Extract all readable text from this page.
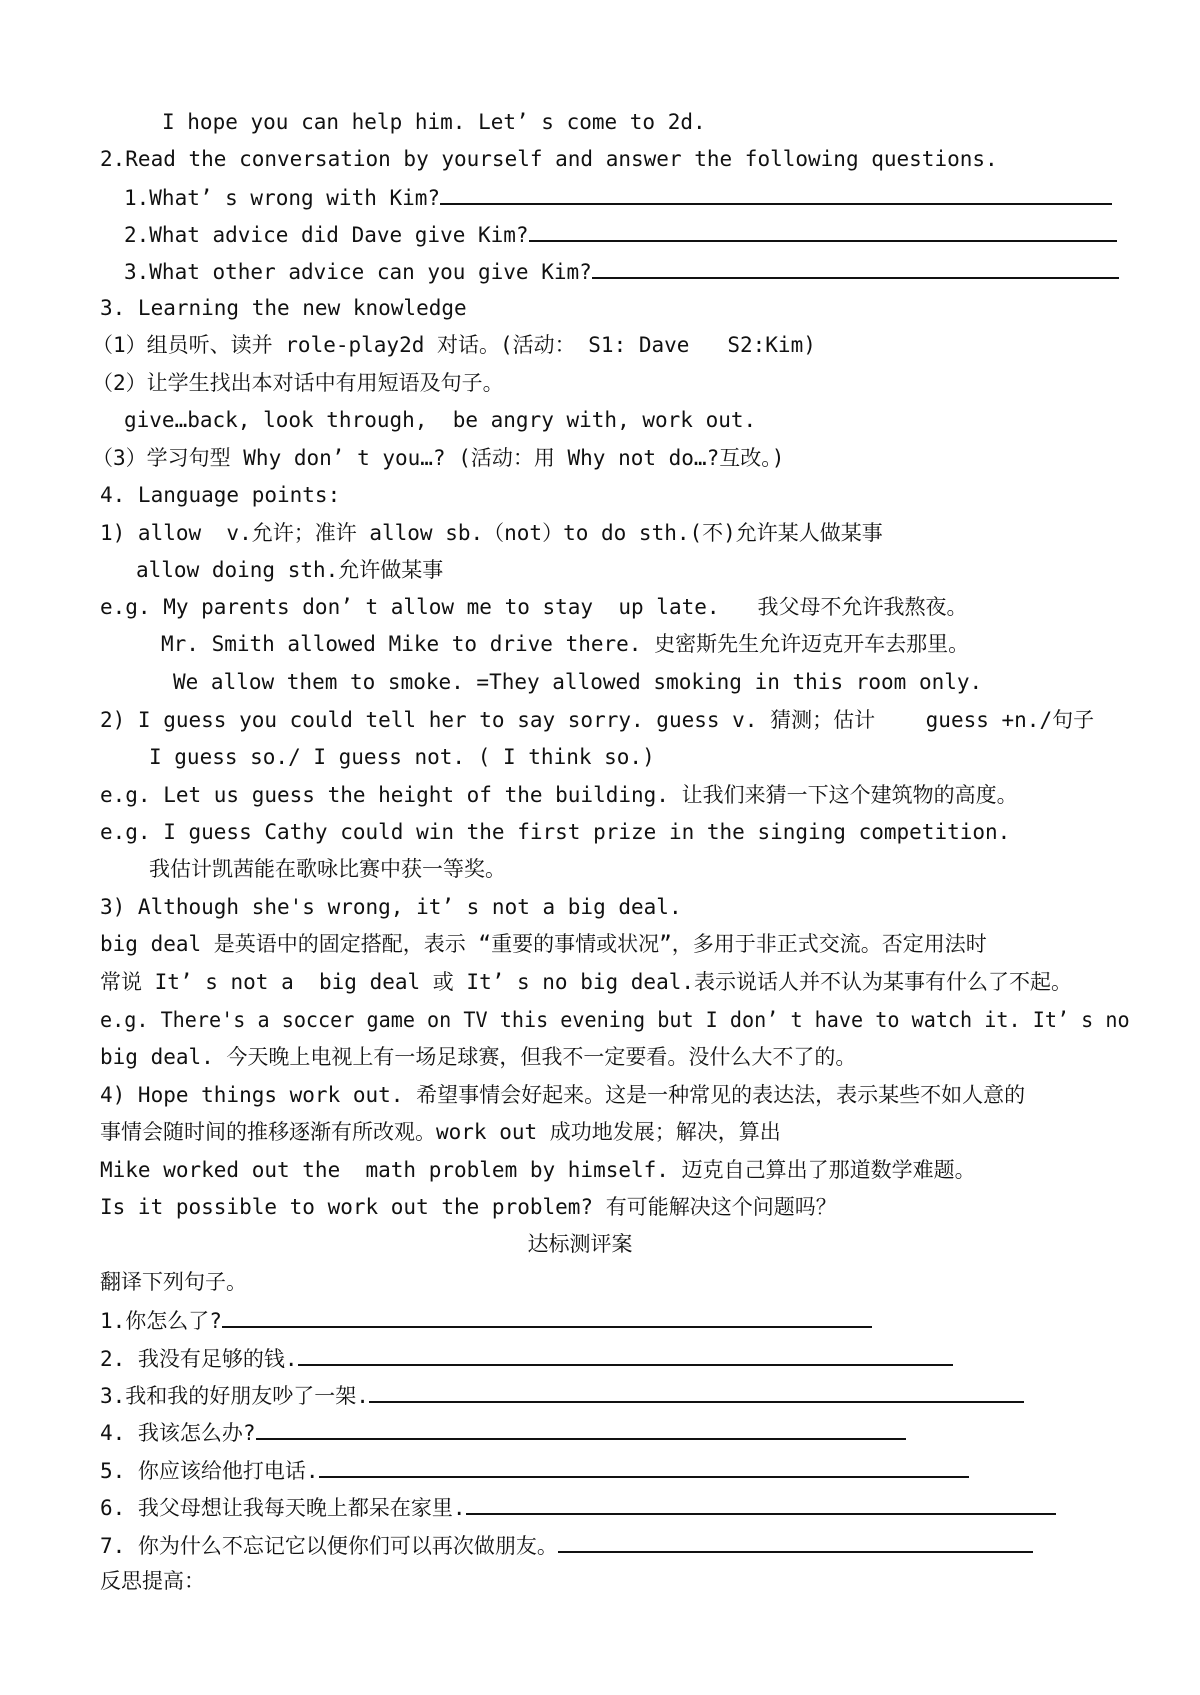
I hope you can help him. Let’ s come to 2d.
2.Read the conversation by yourself and answer the following questions.
1.What’ s wrong with Kim?
2.What advice did Dave give Kim?
3.What other advice can you give Kim?
3. Learning the new knowledge
（1）组员听、读并 role-play2d 对话。(活动： S1: Dave   S2:Kim)
（2）让学生找出本对话中有用短语及句子。
give…back, look through,  be angry with, work out.
（3）学习句型 Why don’ t you…? (活动：用 Why not do…?互改。)
4. Language points:
1) allow  v.允许；准许 allow sb.（not）to do sth.(不)允许某人做某事
allow doing sth.允许做某事
e.g. My parents don’ t allow me to stay  up late.   我父母不允许我熬夜。
Mr. Smith allowed Mike to drive there. 史密斯先生允许迈克开车去那里。
We allow them to smoke. =They allowed smoking in this room only.
2) I guess you could tell her to say sorry. guess v. 猜测；估计    guess +n./句子
I guess so./ I guess not. ( I think so.)
e.g. Let us guess the height of the building. 让我们来猜一下这个建筑物的高度。
e.g. I guess Cathy could win the first prize in the singing competition.
我估计凯茜能在歌咏比赛中获一等奖。
3) Although she's wrong, it’ s not a big deal.
big deal 是英语中的固定搭配，表示 “重要的事情或状况”，多用于非正式交流。否定用法时
常说 It’ s not a  big deal 或 It’ s no big deal.表示说话人并不认为某事有什么了不起。
e.g. There's a soccer game on TV this evening but I don’ t have to watch it. It’ s no
big deal. 今天晚上电视上有一场足球赛，但我不一定要看。没什么大不了的。
4) Hope things work out. 希望事情会好起来。这是一种常见的表达法，表示某些不如人意的
事情会随时间的推移逐渐有所改观。work out 成功地发展；解决，算出
Mike worked out the  math problem by himself. 迈克自己算出了那道数学难题。
Is it possible to work out the problem? 有可能解决这个问题吗？
达标测评案
翻译下列句子。
1.你怎么了?
2. 我没有足够的钱.
3.我和我的好朋友吵了一架.
4. 我该怎么办?
5. 你应该给他打电话.
6. 我父母想让我每天晚上都呆在家里.
7. 你为什么不忘记它以便你们可以再次做朋友。
反思提高：
